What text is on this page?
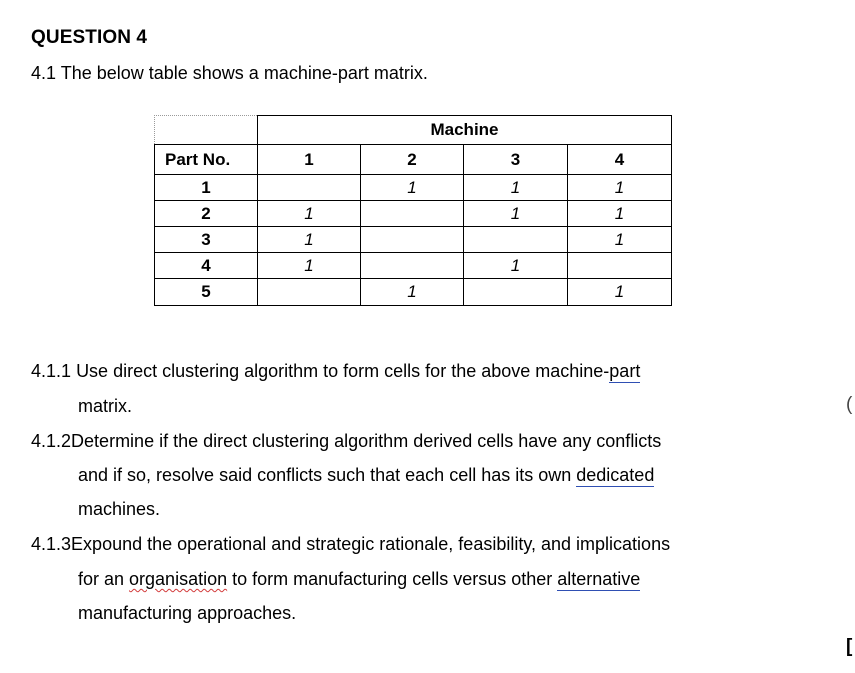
QUESTION 4
4.1 The below table shows a machine-part matrix.
	Machine			
Part No.	1	2	3	4
1		1	1	1
2	1		1	1
3	1			1
4	1		1	
5		1		1
4.1.1 Use direct clustering algorithm to form cells for the above machine-part
matrix.
4.1.2Determine if the direct clustering algorithm derived cells have any conflicts
and if so, resolve said conflicts such that each cell has its own dedicated
machines.
4.1.3Expound the operational and strategic rationale, feasibility, and implications
for an organisation to form manufacturing cells versus other alternative
manufacturing approaches.
(
[
